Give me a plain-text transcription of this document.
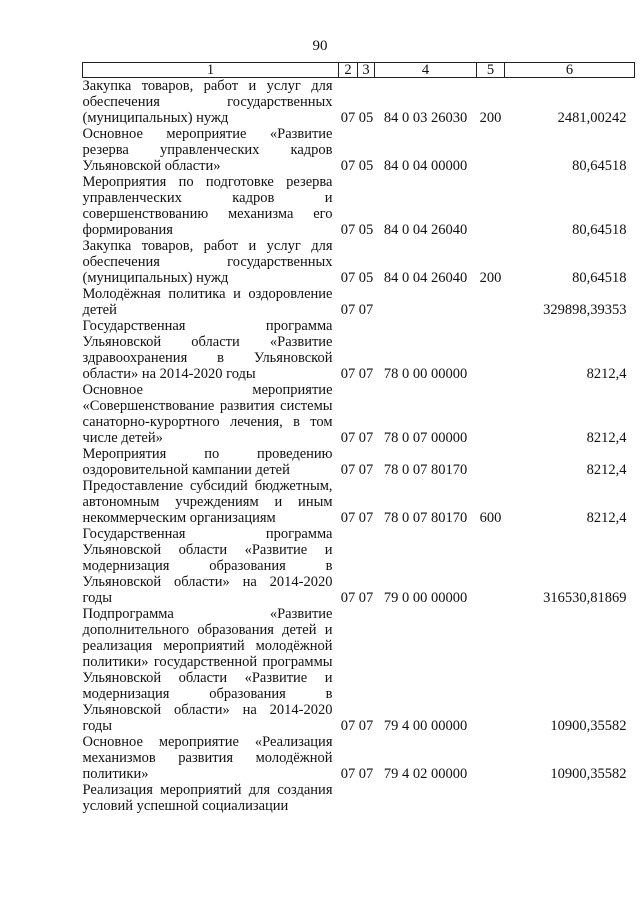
90
1	2	3	4	5	6
Закупка товаров, работ и услуг для обеспечения государственных (муниципальных) нужд	07	05	84 0 03 26030	200	2481,00242
Основное мероприятие «Развитие резерва управленческих кадров Ульяновской области»	07	05	84 0 04 00000		80,64518
Мероприятия по подготовке резерва управленческих кадров и совершенствованию механизма его формирования	07	05	84 0 04 26040		80,64518
Закупка товаров, работ и услуг для обеспечения государственных (муниципальных) нужд	07	05	84 0 04 26040	200	80,64518
Молодёжная политика и оздоровление детей	07	07			329898,39353
Государственная программа Ульяновской области «Развитие здравоохранения в Ульяновской области» на 2014-2020 годы	07	07	78 0 00 00000		8212,4
Основное мероприятие «Совершенствование развития системы санаторно-курортного лечения, в том числе детей»	07	07	78 0 07 00000		8212,4
Мероприятия по проведению оздоровительной кампании детей	07	07	78 0 07 80170		8212,4
Предоставление субсидий бюджетным, автономным учреждениям и иным некоммерческим организациям	07	07	78 0 07 80170	600	8212,4
Государственная программа Ульяновской области «Развитие и модернизация образования в Ульяновской области» на 2014-2020 годы	07	07	79 0 00 00000		316530,81869
Подпрограмма «Развитие дополнительного образования детей и реализация мероприятий молодёжной политики» государственной программы Ульяновской области «Развитие и модернизация образования в Ульяновской области» на 2014-2020 годы	07	07	79 4 00 00000		10900,35582
Основное мероприятие «Реализация механизмов развития молодёжной политики»	07	07	79 4 02 00000		10900,35582
Реализация мероприятий для создания условий успешной социализации					
